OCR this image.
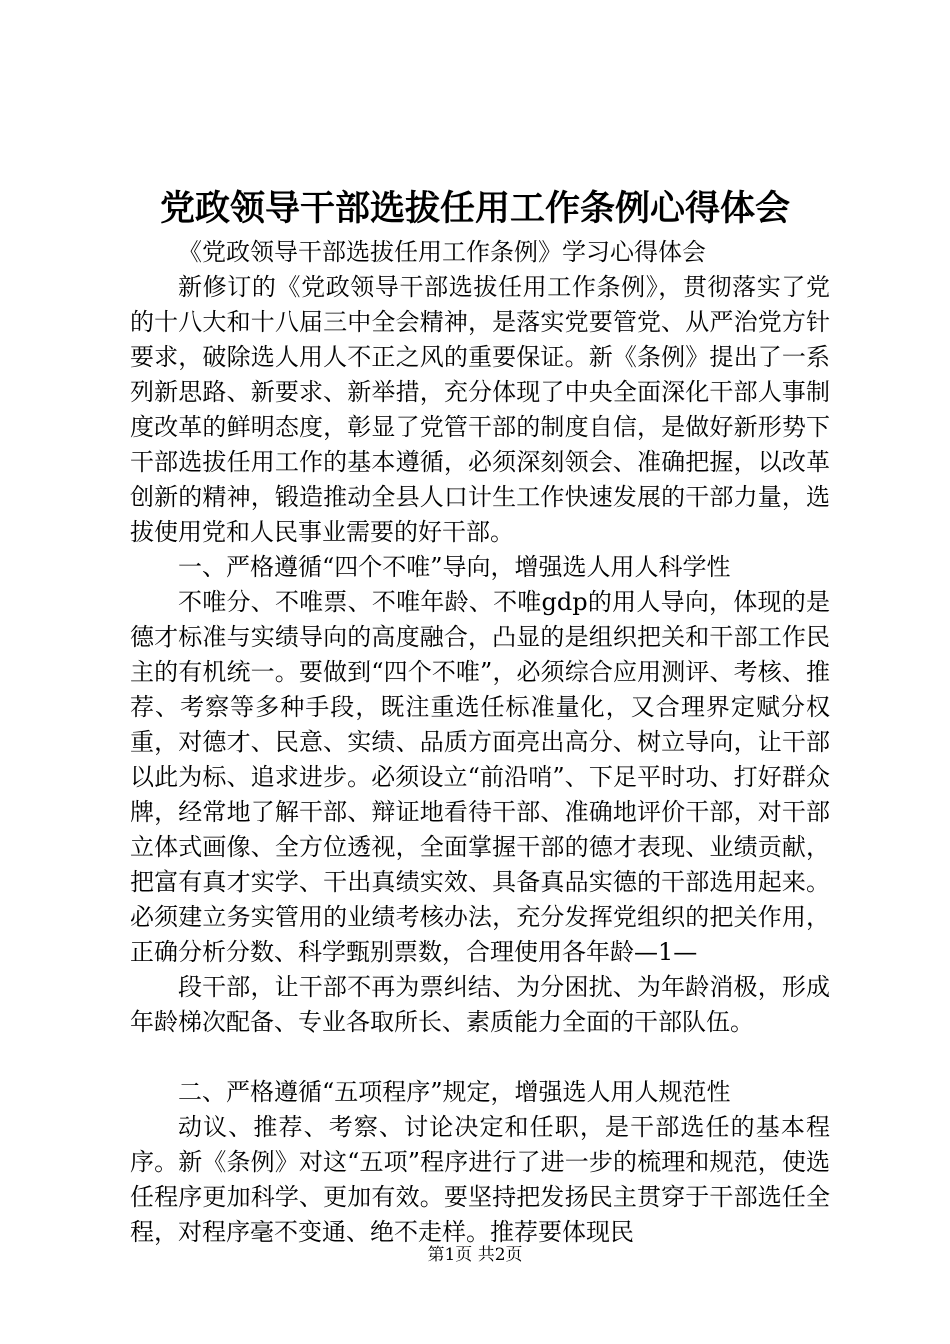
党政领导干部选拔任用工作条例心得体会

《党政领导干部选拔任用工作条例》学习心得体会

新修订的《党政领导干部选拔任用工作条例》，贯彻落实了党的十八大和十八届三中全会精神，是落实党要管党、从严治党方针要求，破除选人用人不正之风的重要保证。新《条例》提出了一系列新思路、新要求、新举措，充分体现了中央全面深化干部人事制度改革的鲜明态度，彰显了党管干部的制度自信，是做好新形势下干部选拔任用工作的基本遵循，必须深刻领会、准确把握，以改革创新的精神，锻造推动全县人口计生工作快速发展的干部力量，选拔使用党和人民事业需要的好干部。

一、严格遵循“四个不唯”导向，增强选人用人科学性

不唯分、不唯票、不唯年龄、不唯gdp的用人导向，体现的是德才标准与实绩导向的高度融合，凸显的是组织把关和干部工作民主的有机统一。要做到“四个不唯”，必须综合应用测评、考核、推荐、考察等多种手段，既注重选任标准量化，又合理界定赋分权重，对德才、民意、实绩、品质方面亮出高分、树立导向，让干部以此为标、追求进步。必须设立“前沿哨”、下足平时功、打好群众牌，经常地了解干部、辩证地看待干部、准确地评价干部，对干部立体式画像、全方位透视，全面掌握干部的德才表现、业绩贡献，把富有真才实学、干出真绩实效、具备真品实德的干部选用起来。必须建立务实管用的业绩考核办法，充分发挥党组织的把关作用，正确分析分数、科学甄别票数，合理使用各年龄—1—

段干部，让干部不再为票纠结、为分困扰、为年龄消极，形成年龄梯次配备、专业各取所长、素质能力全面的干部队伍。

二、严格遵循“五项程序”规定，增强选人用人规范性

动议、推荐、考察、讨论决定和任职，是干部选任的基本程序。新《条例》对这“五项”程序进行了进一步的梳理和规范，使选任程序更加科学、更加有效。要坚持把发扬民主贯穿于干部选任全程，对程序毫不变通、绝不走样。推荐要体现民

第1页 共2页
